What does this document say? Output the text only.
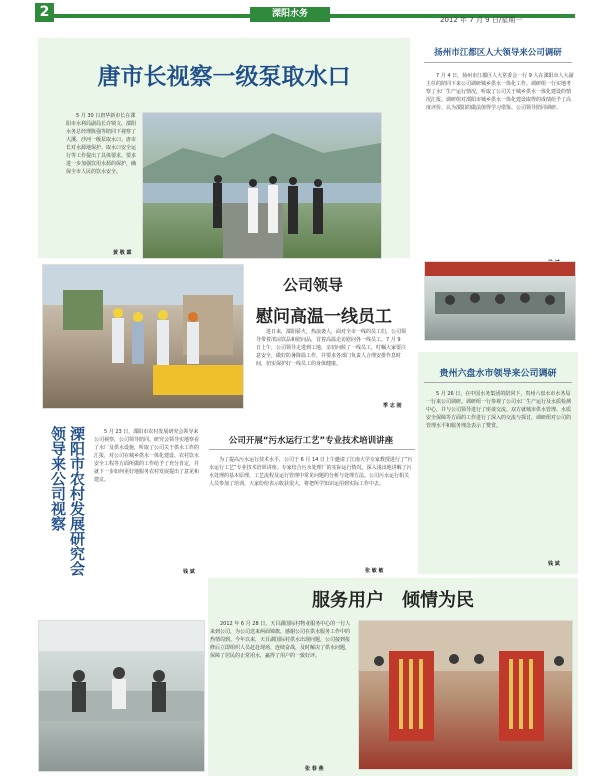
2	溧阳水务
2012 年 7 月 9 日/星期一
唐市长视察一级泵取水口
5 月 30 日唐华新市长在溧阳市水利局副局长许锁文、溧阳水务总经理陈强等陪同下视察了大溪、沙河一级泵取水口。唐市长对水源地保护、取水口安全运行等工作提出了具体要求，要求进一步加强饮用水源的保护，确保全市人民的饮水安全。
黄 敬 霖
公司领导
慰问高温一线员工
进日来，溧阳骄火，热浪袭人，面对全市一线的员工们，公司领导带着清凉饮品和慰问品，冒着高温走访慰问各一线员工。7 月 9 日上午，公司领导走进到工地，亲切问候了一线员工，叮嘱大家要注意安全，做好防暑降温工作，并要求各部门负责人合理安排作息时间，切实保护好一线员工的身体健康。
季 志 刚
扬州市江都区人大领导来公司调研
7 月 4 日，扬州市江都区人大常委会一行 9 人在溧阳市人大副主任的陪同下来公司调研城乡供水一体化工作。调研组一行实地考察了水厂生产运行情况，听取了公司关于城乡供水一体化建设的情况汇报。调研组对溧阳市城乡供水一体化建设取得的成绩给予了高度评价，认为溧阳的做法值得学习借鉴。公司领导陪同调研。
贵州六盘水市领导来公司调研
5 月 26 日，在中国水务集团的陪同下，贵州六盘水市水务局一行来公司调研。调研组一行参观了公司水厂生产运行及水质检测中心，并与公司领导进行了座谈交流。双方就城市供水管理、水质安全保障等方面的工作进行了深入的交流与探讨，调研组对公司的管理水平和服务理念表示了赞赏。
钱 斌
溧阳市农村发展研究会领导来公司视察	5 月 23 日，溧阳市农村发展研究会领导来公司视察，公司领导陪同。研究会领导实地察看了水厂及供水设施，听取了公司关于供水工作的汇报，对公司在城乡供水一体化建设、农村饮水安全工程等方面所做的工作给予了充分肯定，并就下一步如何更好地服务农村发展提出了意见和建议。
钱 斌
公司开展“污水运行工艺”专业技术培训讲座
为了提高污水运行技术水平，公司于 6 月 14 日上午邀请了江南大学专家教授进行了“污水运行工艺”专业技术培训讲座。专家结合污水处理厂的实际运行情况，深入浅出地讲解了污水处理的基本原理、工艺流程及运行管理中常见问题的分析与处理方法。公司污水运行相关人员参加了培训，大家纷纷表示收获很大，将把所学知识运用到实际工作中去。
张 敏 敏
服务用户　倾情为民
2012 年 6 月 28 日，天目湖国际村物业服务中心的一行人来到公司，为公司送来两面锦旗，感谢公司在供水服务工作中的热情周到。今年以来，天目湖国际村供水出现问题，公司接到报修后立即组织人员赶赴现场，连续奋战，及时解决了供水问题，保障了居民的正常用水，赢得了用户的一致好评。
张 春 燕
